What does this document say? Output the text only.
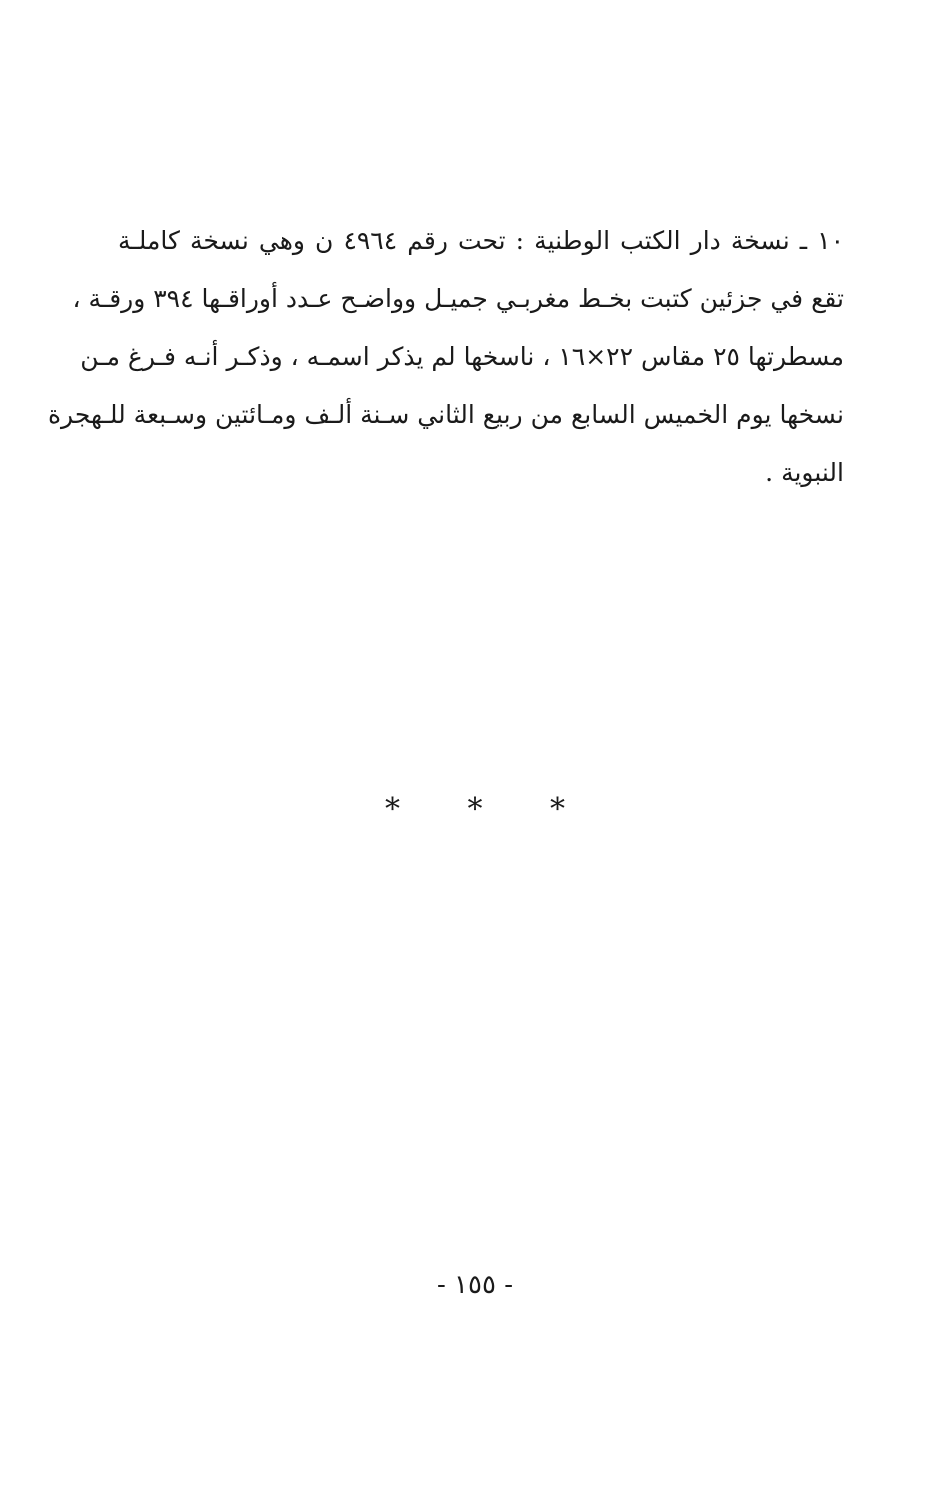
١٠ ـ نسخة دار الكتب الوطنية : تحت رقم ٤٩٦٤ ن وهي نسخة كاملـة
تقع في جزئين كتبت بخـط مغربـي جميـل وواضـح عـدد أوراقـها ٣٩٤ ورقـة ،
مسطرتها ٢٥ مقاس ٢٢×١٦ ، ناسخها لم يذكر اسمـه ، وذكـر أنـه فـرغ مـن
نسخها يوم الخميس السابع من ربيع الثاني سـنة ألـف ومـائتين وسـبعة للـهجرة
النبوية .
* * *
- ١٥٥ -
